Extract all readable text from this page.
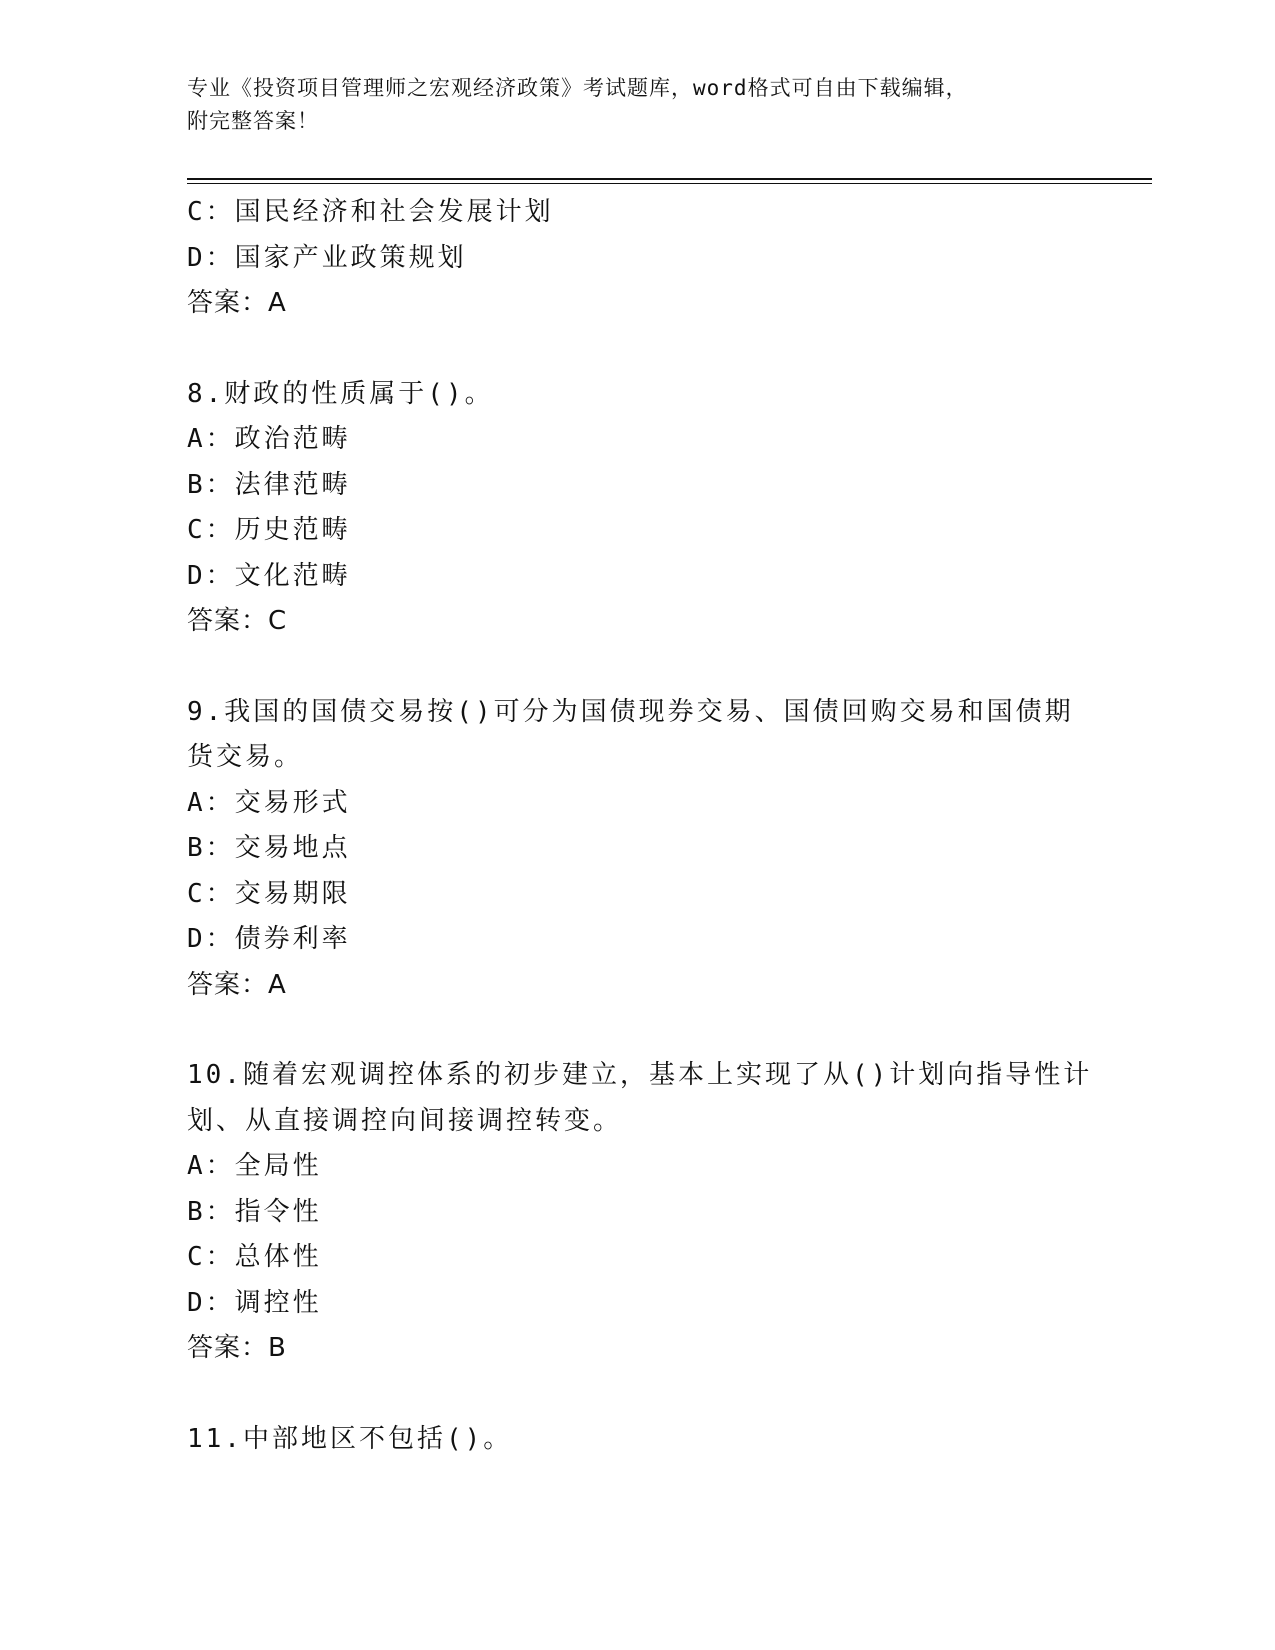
专业《投资项目管理师之宏观经济政策》考试题库，word格式可自由下载编辑，
附完整答案！
C：国民经济和社会发展计划
D：国家产业政策规划
答案：A
8.财政的性质属于()。
A：政治范畴
B：法律范畴
C：历史范畴
D：文化范畴
答案：C
9.我国的国债交易按()可分为国债现券交易、国债回购交易和国债期
货交易。
A：交易形式
B：交易地点
C：交易期限
D：债券利率
答案：A
10.随着宏观调控体系的初步建立，基本上实现了从()计划向指导性计
划、从直接调控向间接调控转变。
A：全局性
B：指令性
C：总体性
D：调控性
答案：B
11.中部地区不包括()。
